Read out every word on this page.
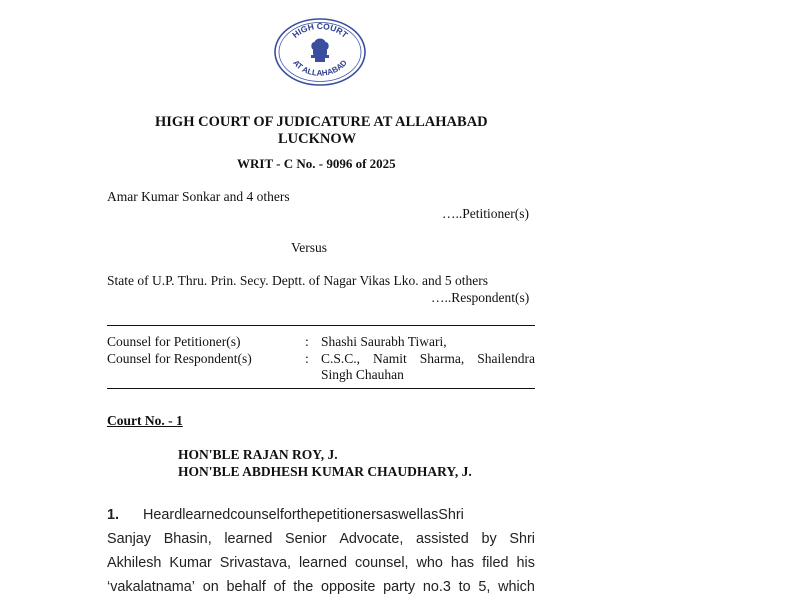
HIGH COURT
AT ALLAHABAD
HIGH COURT OF JUDICATURE AT ALLAHABAD
LUCKNOW
WRIT - C No. - 9096 of 2025
Amar Kumar Sonkar and 4 others
…..Petitioner(s)
Versus
State of U.P. Thru. Prin. Secy. Deptt. of Nagar Vikas Lko. and 5 others
…..Respondent(s)
Counsel for Petitioner(s)	: Shashi Saurabh Tiwari,
Counsel for Respondent(s)	: C.S.C., Namit Sharma, Shailendra
Singh Chauhan
Court No. - 1
HON'BLE RAJAN ROY, J.
HON'BLE ABDHESH KUMAR CHAUDHARY, J.
1. HeardlearnedcounselforthepetitionersaswellasShri
Sanjay Bhasin, learned Senior Advocate, assisted by Shri
Akhilesh Kumar Srivastava, learned counsel, who has filed his
‘vakalatnama’ on behalf of the opposite party no.3 to 5, which
